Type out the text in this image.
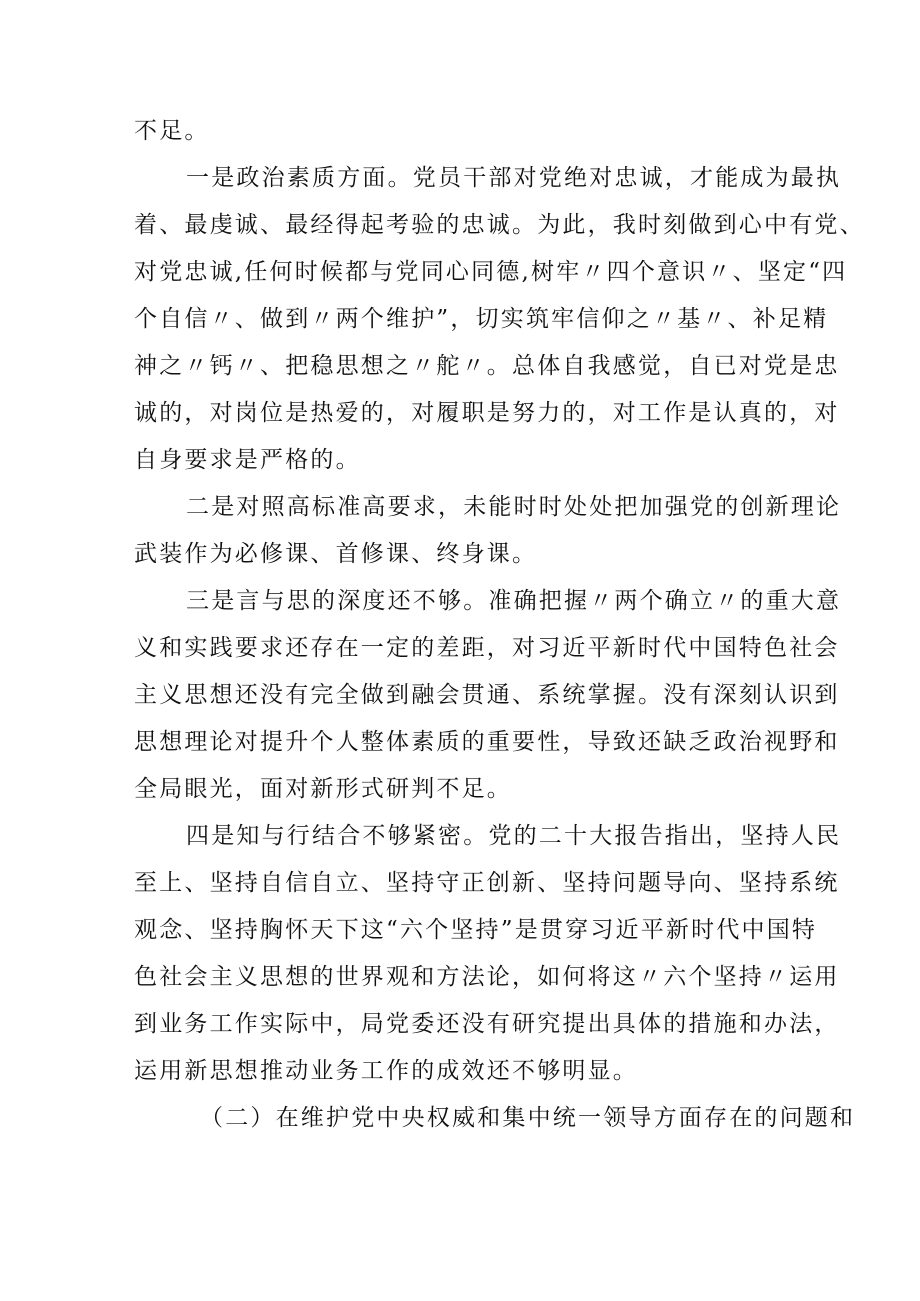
不足。
一是政治素质方面。党员干部对党绝对忠诚，才能成为最执
着、最虔诚、最经得起考验的忠诚。为此，我时刻做到心中有党、
对党忠诚,任何时候都与党同心同德,树牢〃四个意识〃、坚定“四
个自信〃、做到〃两个维护”，切实筑牢信仰之〃基〃、补足精
神之〃钙〃、把稳思想之〃舵〃。总体自我感觉，自已对党是忠
诚的，对岗位是热爱的，对履职是努力的，对工作是认真的，对
自身要求是严格的。
二是对照高标准高要求，未能时时处处把加强党的创新理论
武装作为必修课、首修课、终身课。
三是言与思的深度还不够。准确把握〃两个确立〃的重大意
义和实践要求还存在一定的差距，对习近平新时代中国特色社会
主义思想还没有完全做到融会贯通、系统掌握。没有深刻认识到
思想理论对提升个人整体素质的重要性，导致还缺乏政治视野和
全局眼光，面对新形式研判不足。
四是知与行结合不够紧密。党的二十大报告指出，坚持人民
至上、坚持自信自立、坚持守正创新、坚持问题导向、坚持系统
观念、坚持胸怀天下这“六个坚持”是贯穿习近平新时代中国特
色社会主义思想的世界观和方法论，如何将这〃六个坚持〃运用
到业务工作实际中，局党委还没有研究提出具体的措施和办法，
运用新思想推动业务工作的成效还不够明显。
（二）在维护党中央权威和集中统一领导方面存在的问题和
